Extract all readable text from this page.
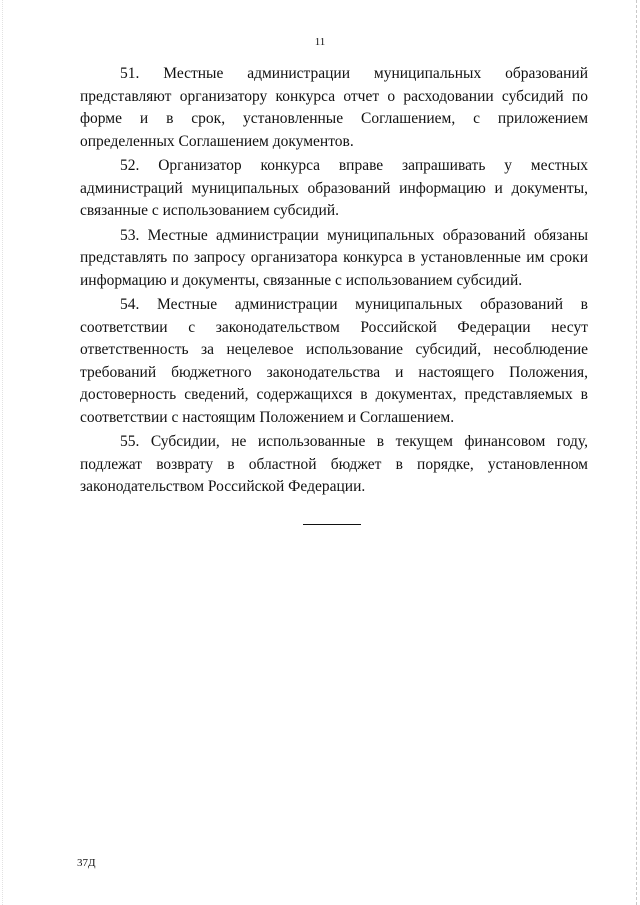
11

51. Местные администрации муниципальных образований представляют организатору конкурса отчет о расходовании субсидий по форме и в срок, установленные Соглашением, с приложением определенных Соглашением документов.

52. Организатор конкурса вправе запрашивать у местных администраций муниципальных образований информацию и документы, связанные с использованием субсидий.

53. Местные администрации муниципальных образований обязаны представлять по запросу организатора конкурса в установленные им сроки информацию и документы, связанные с использованием субсидий.

54. Местные администрации муниципальных образований в соответствии с законодательством Российской Федерации несут ответственность за нецелевое использование субсидий, несоблюдение требований бюджетного законодательства и настоящего Положения, достоверность сведений, содержащихся в документах, представляемых в соответствии с настоящим Положением и Соглашением.

55. Субсидии, не использованные в текущем финансовом году, подлежат возврату в областной бюджет в порядке, установленном законодательством Российской Федерации.

37Д
